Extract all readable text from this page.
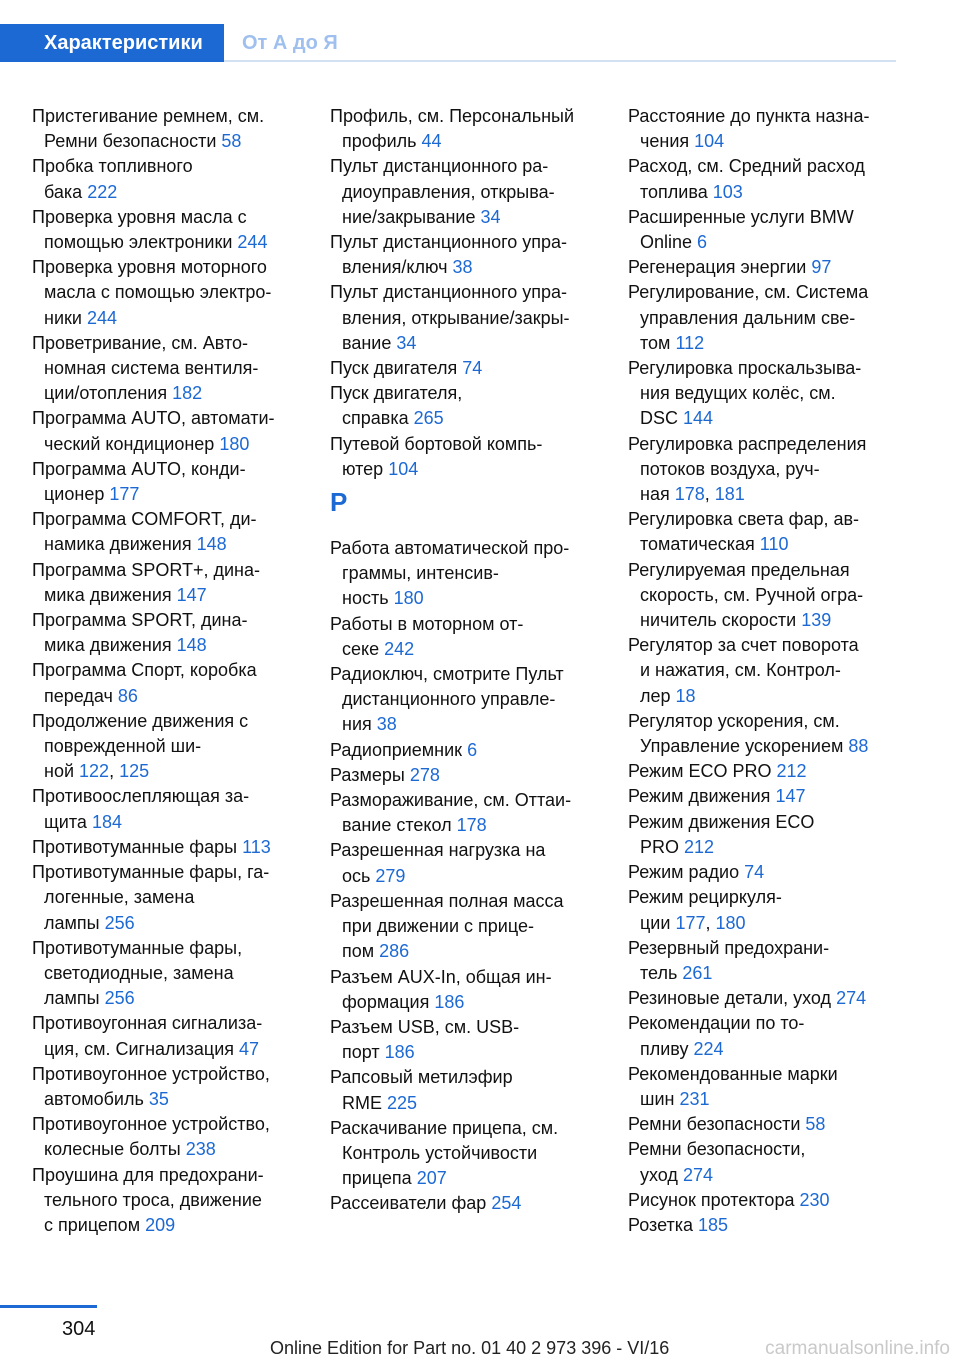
Характеристики	От А до Я
Пристегивание ремнем, см.
Ремни безопасности 58
Пробка топливного
бака 222
Проверка уровня масла с
помощью электроники 244
Проверка уровня моторного
масла с помощью электро-
ники 244
Проветривание, см. Авто-
номная система вентиля-
ции/отопления 182
Программа AUTO, автомати-
ческий кондиционер 180
Программа AUTO, конди-
ционер 177
Программа COMFORT, ди-
намика движения 148
Программа SPORT+, дина-
мика движения 147
Программа SPORT, дина-
мика движения 148
Программа Спорт, коробка
передач 86
Продолжение движения с
поврежденной ши-
ной 122, 125
Противоослепляющая за-
щита 184
Противотуманные фары 113
Противотуманные фары, га-
логенные, замена
лампы 256
Противотуманные фары,
светодиодные, замена
лампы 256
Противоугонная сигнализа-
ция, см. Сигнализация 47
Противоугонное устройство,
автомобиль 35
Противоугонное устройство,
колесные болты 238
Проушина для предохрани-
тельного троса, движение
с прицепом 209
Профиль, см. Персональный
профиль 44
Пульт дистанционного ра-
диоуправления, открыва-
ние/закрывание 34
Пульт дистанционного упра-
вления/ключ 38
Пульт дистанционного упра-
вления, открывание/закры-
вание 34
Пуск двигателя 74
Пуск двигателя,
справка 265
Путевой бортовой компь-
ютер 104
Р
Работа автоматической про-
граммы, интенсив-
ность 180
Работы в моторном от-
секе 242
Радиоключ, смотрите Пульт
дистанционного управле-
ния 38
Радиоприемник 6
Размеры 278
Размораживание, см. Оттаи-
вание стекол 178
Разрешенная нагрузка на
ось 279
Разрешенная полная масса
при движении с прице-
пом 286
Разъем AUX-In, общая ин-
формация 186
Разъем USB, см. USB-
порт 186
Рапсовый метилэфир
RME 225
Раскачивание прицепа, см.
Контроль устойчивости
прицепа 207
Рассеиватели фар 254
Расстояние до пункта назна-
чения 104
Расход, см. Средний расход
топлива 103
Расширенные услуги BMW
Online 6
Регенерация энергии 97
Регулирование, см. Система
управления дальним све-
том 112
Регулировка проскальзыва-
ния ведущих колёс, см.
DSC 144
Регулировка распределения
потоков воздуха, руч-
ная 178, 181
Регулировка света фар, ав-
томатическая 110
Регулируемая предельная
скорость, см. Ручной огра-
ничитель скорости 139
Регулятор за счет поворота
и нажатия, см. Контрол-
лер 18
Регулятор ускорения, см.
Управление ускорением 88
Режим ECO PRO 212
Режим движения 147
Режим движения ECO
PRO 212
Режим радио 74
Режим рециркуля-
ции 177, 180
Резервный предохрани-
тель 261
Резиновые детали, уход 274
Рекомендации по то-
пливу 224
Рекомендованные марки
шин 231
Ремни безопасности 58
Ремни безопасности,
уход 274
Рисунок протектора 230
Розетка 185
304
Online Edition for Part no. 01 40 2 973 396 - VI/16	carmanualsonline.info
